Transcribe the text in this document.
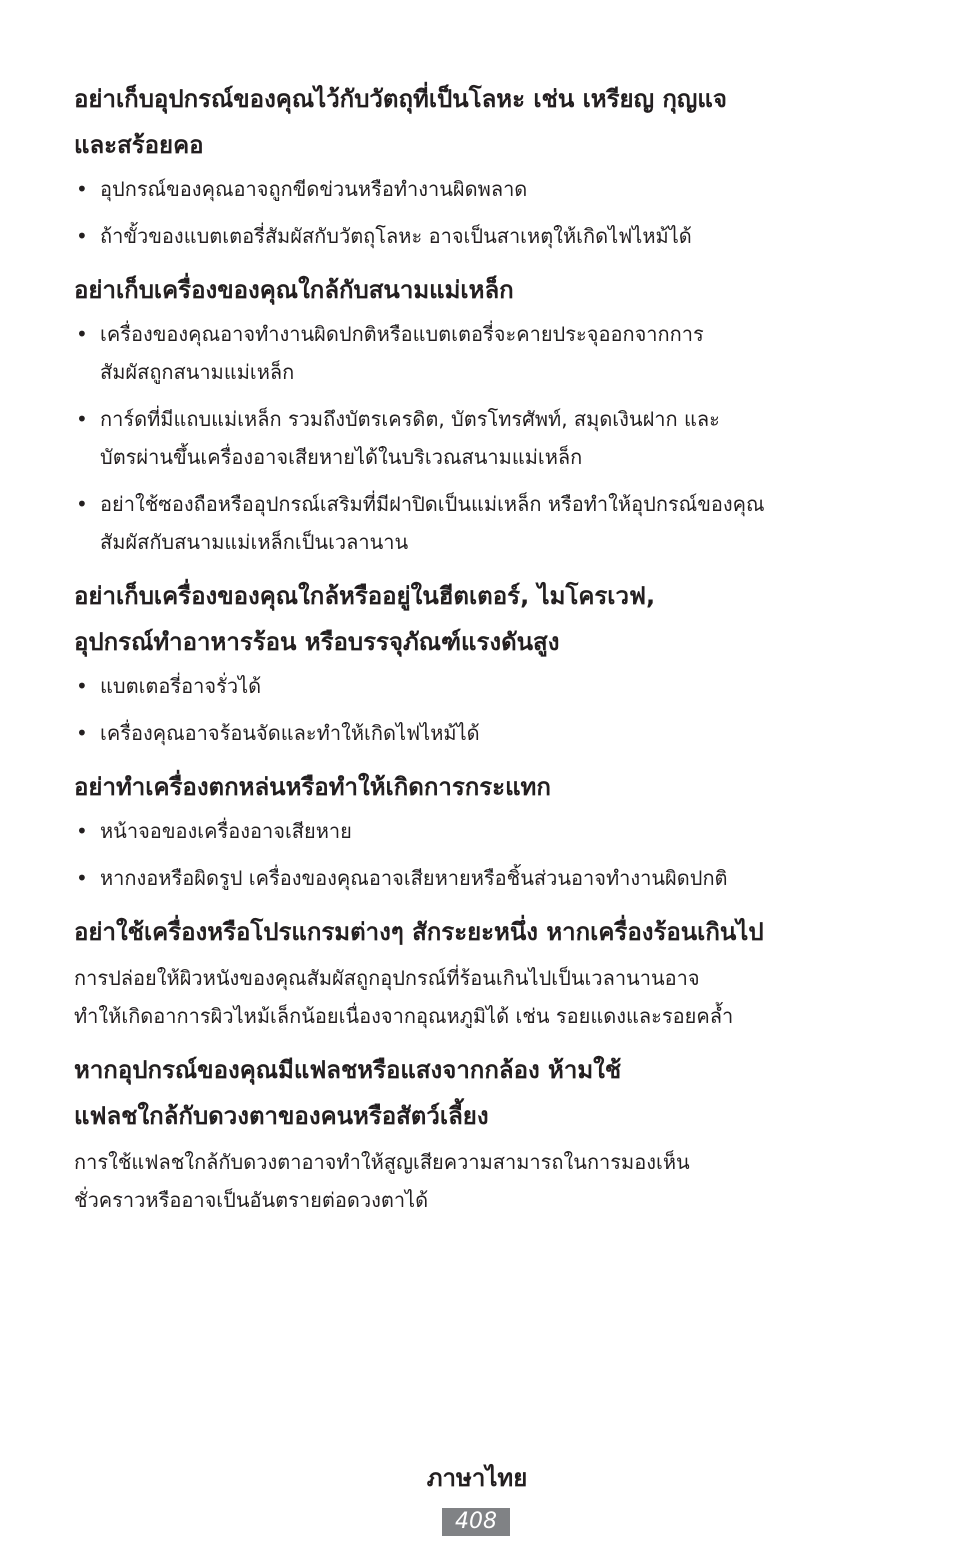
อย่าเก็บอุปกรณ์ของคุณไว้กับวัตถุที่เป็นโลหะ เช่น เหรียญ กุญแจ
และสร้อยคอ
• อุปกรณ์ของคุณอาจถูกขีดข่วนหรือทำงานผิดพลาด
• ถ้าขั้วของแบตเตอรี่สัมผัสกับวัตถุโลหะ อาจเป็นสาเหตุให้เกิดไฟไหม้ได้
อย่าเก็บเครื่องของคุณใกล้กับสนามแม่เหล็ก
• เครื่องของคุณอาจทำงานผิดปกติหรือแบตเตอรี่จะคายประจุออกจากการ
สัมผัสถูกสนามแม่เหล็ก
• การ์ดที่มีแถบแม่เหล็ก รวมถึงบัตรเครดิต, บัตรโทรศัพท์, สมุดเงินฝาก และ
บัตรผ่านขึ้นเครื่องอาจเสียหายได้ในบริเวณสนามแม่เหล็ก
• อย่าใช้ซองถือหรืออุปกรณ์เสริมที่มีฝาปิดเป็นแม่เหล็ก หรือทำให้อุปกรณ์ของคุณ
สัมผัสกับสนามแม่เหล็กเป็นเวลานาน
อย่าเก็บเครื่องของคุณใกล้หรืออยู่ในฮีตเตอร์, ไมโครเวฟ,
อุปกรณ์ทำอาหารร้อน หรือบรรจุภัณฑ์แรงดันสูง
• แบตเตอรี่อาจรั่วได้
• เครื่องคุณอาจร้อนจัดและทำให้เกิดไฟไหม้ได้
อย่าทำเครื่องตกหล่นหรือทำให้เกิดการกระแทก
• หน้าจอของเครื่องอาจเสียหาย
• หากงอหรือผิดรูป เครื่องของคุณอาจเสียหายหรือชิ้นส่วนอาจทำงานผิดปกติ
อย่าใช้เครื่องหรือโปรแกรมต่างๆ สักระยะหนึ่ง หากเครื่องร้อนเกินไป
การปล่อยให้ผิวหนังของคุณสัมผัสถูกอุปกรณ์ที่ร้อนเกินไปเป็นเวลานานอาจ
ทำให้เกิดอาการผิวไหม้เล็กน้อยเนื่องจากอุณหภูมิได้ เช่น รอยแดงและรอยคล้ำ
หากอุปกรณ์ของคุณมีแฟลชหรือแสงจากกล้อง ห้ามใช้
แฟลชใกล้กับดวงตาของคนหรือสัตว์เลี้ยง
การใช้แฟลชใกล้กับดวงตาอาจทำให้สูญเสียความสามารถในการมองเห็น
ชั่วคราวหรืออาจเป็นอันตรายต่อดวงตาได้
ภาษาไทย
408
